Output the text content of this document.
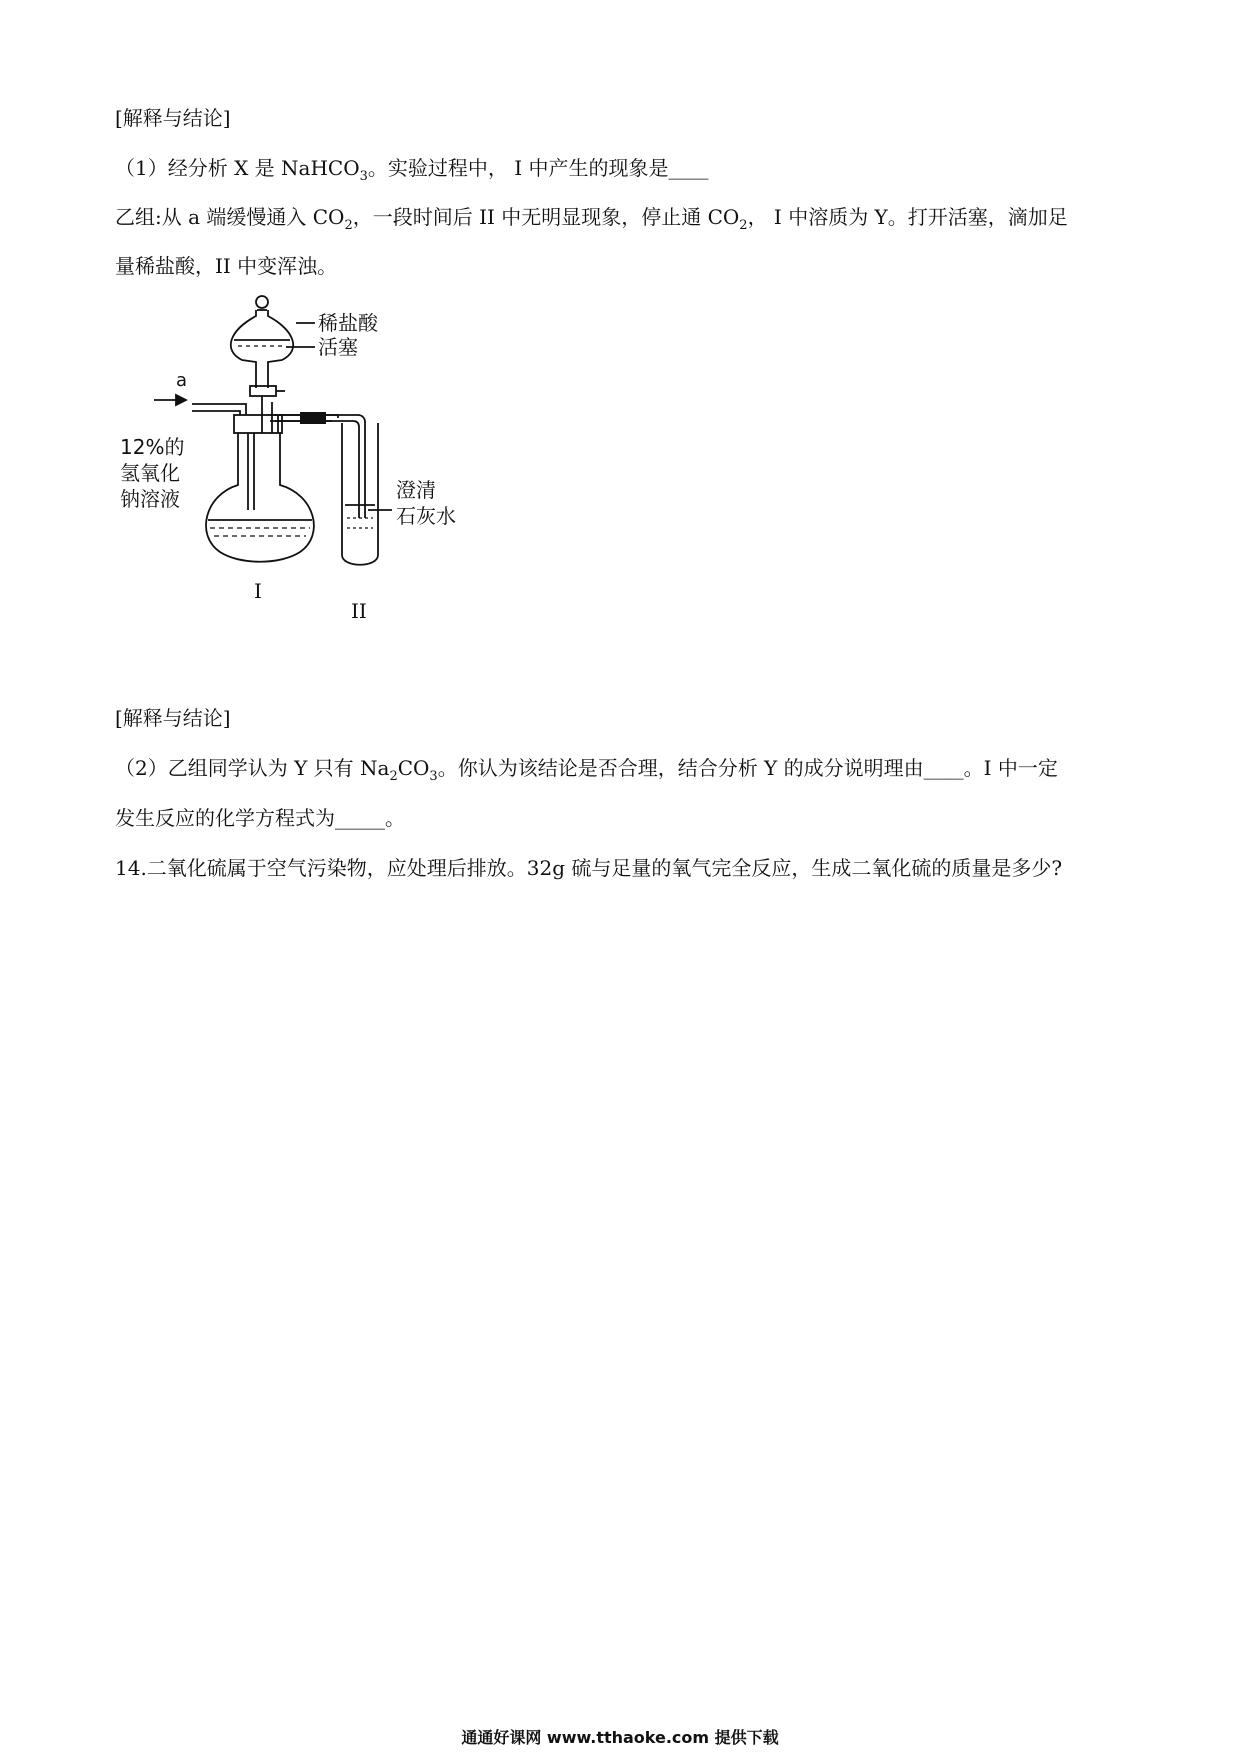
[解释与结论]
（1）经分析 X 是 NaHCO$_3$。实验过程中， I 中产生的现象是____
乙组:从 a 端缓慢通入 $CO_2$，一段时间后 II 中无明显现象，停止通 $CO_2$， I 中溶质为 Y。打开活塞，滴加足
量稀盐酸，II 中变浑浊。
a
稀盐酸
活塞
12%的
氢氧化
钠溶液	澄清
石灰水
I
II
[解释与结论]
（2）乙组同学认为 Y 只有 $Na_2CO_3$。你认为该结论是否合理，结合分析 Y 的成分说明理由____。I 中一定
发生反应的化学方程式为_____。
14.二氧化硫属于空气污染物，应处理后排放。32g 硫与足量的氧气完全反应，生成二氧化硫的质量是多少?
通通好课网 www.tthaoke.com 提供下载
